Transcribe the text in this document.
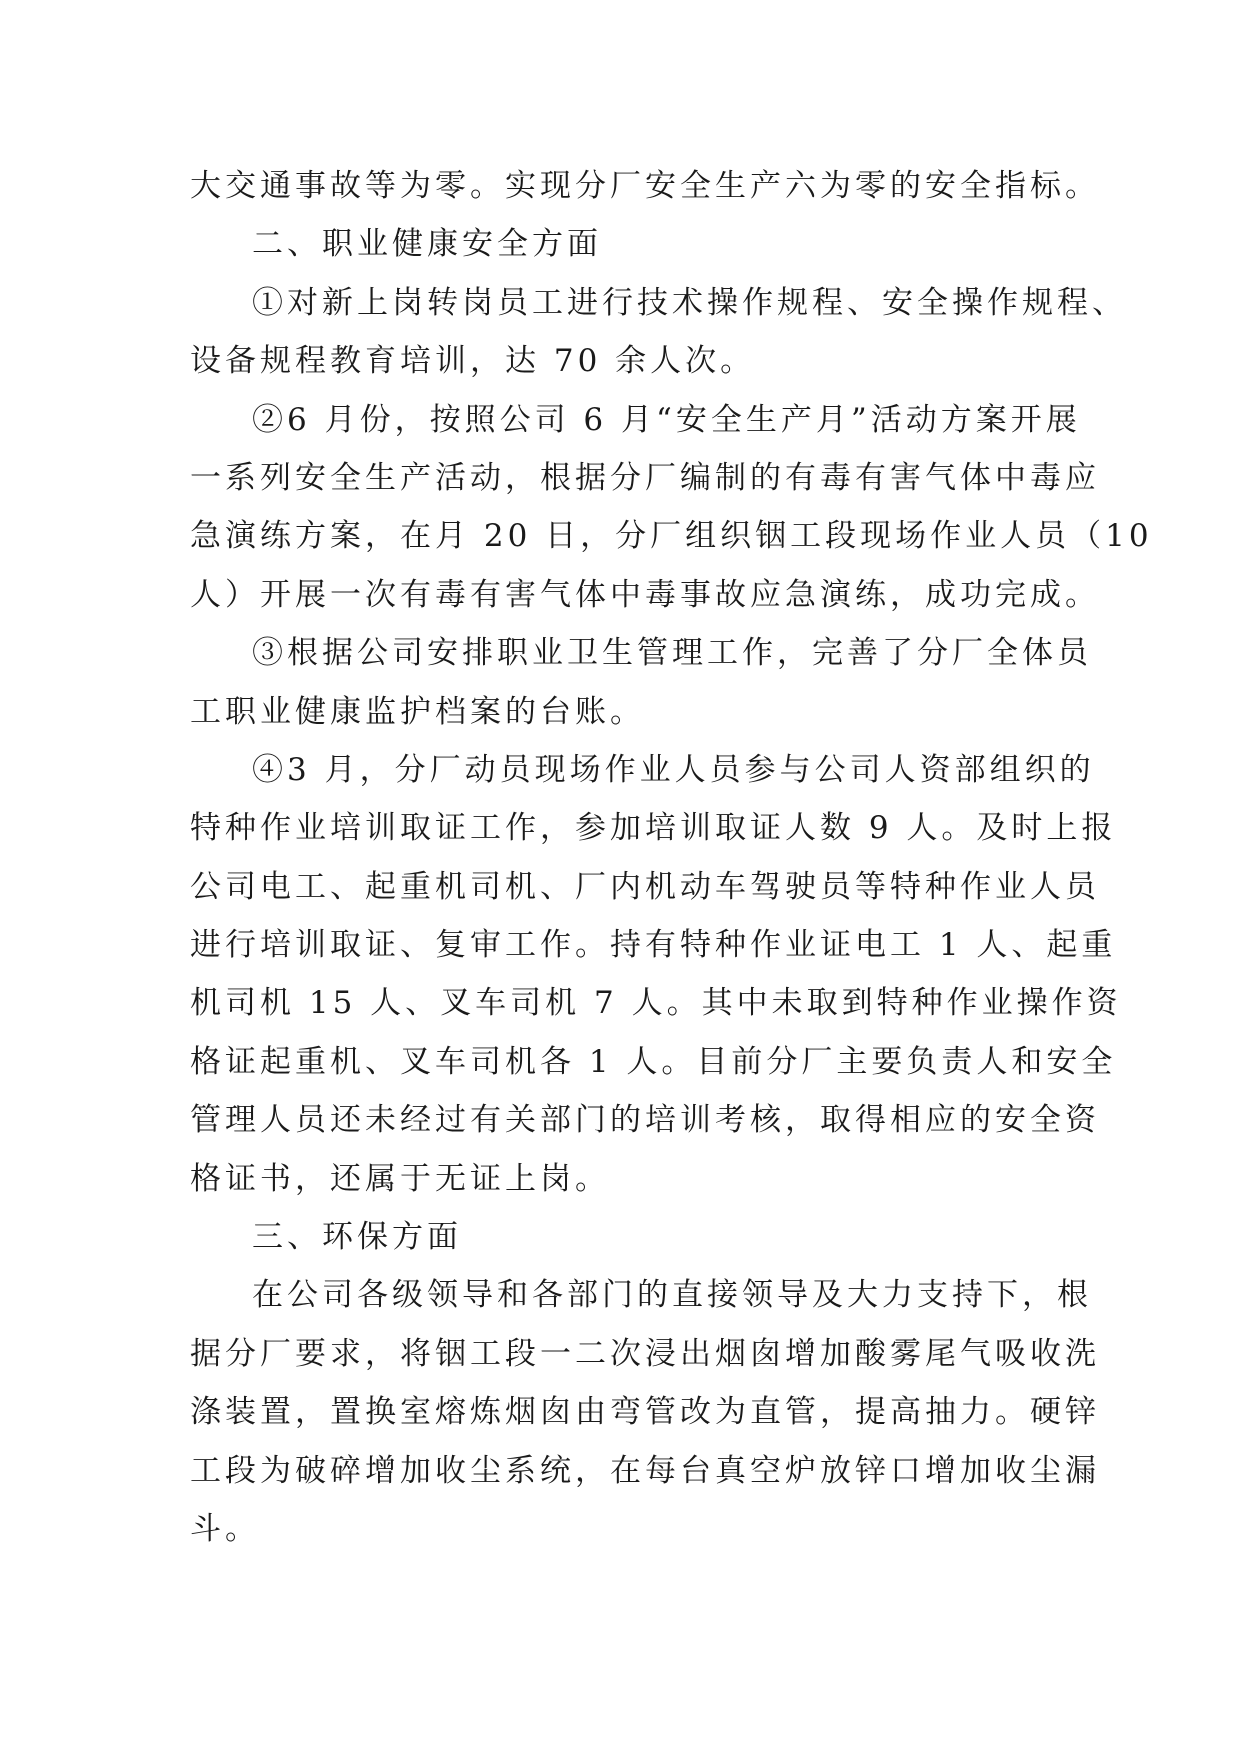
大交通事故等为零。实现分厂安全生产六为零的安全指标。
二、职业健康安全方面
①对新上岗转岗员工进行技术操作规程、安全操作规程、
设备规程教育培训，达 70 余人次。
②6 月份，按照公司 6 月“安全生产月”活动方案开展
一系列安全生产活动，根据分厂编制的有毒有害气体中毒应
急演练方案，在月 20 日，分厂组织铟工段现场作业人员（10
人）开展一次有毒有害气体中毒事故应急演练，成功完成。
③根据公司安排职业卫生管理工作，完善了分厂全体员
工职业健康监护档案的台账。
④3 月，分厂动员现场作业人员参与公司人资部组织的
特种作业培训取证工作，参加培训取证人数 9 人。及时上报
公司电工、起重机司机、厂内机动车驾驶员等特种作业人员
进行培训取证、复审工作。持有特种作业证电工 1 人、起重
机司机 15 人、叉车司机 7 人。其中未取到特种作业操作资
格证起重机、叉车司机各 1 人。目前分厂主要负责人和安全
管理人员还未经过有关部门的培训考核，取得相应的安全资
格证书，还属于无证上岗。
三、环保方面
在公司各级领导和各部门的直接领导及大力支持下，根
据分厂要求，将铟工段一二次浸出烟囱增加酸雾尾气吸收洗
涤装置，置换室熔炼烟囱由弯管改为直管，提高抽力。硬锌
工段为破碎增加收尘系统，在每台真空炉放锌口增加收尘漏
斗。
